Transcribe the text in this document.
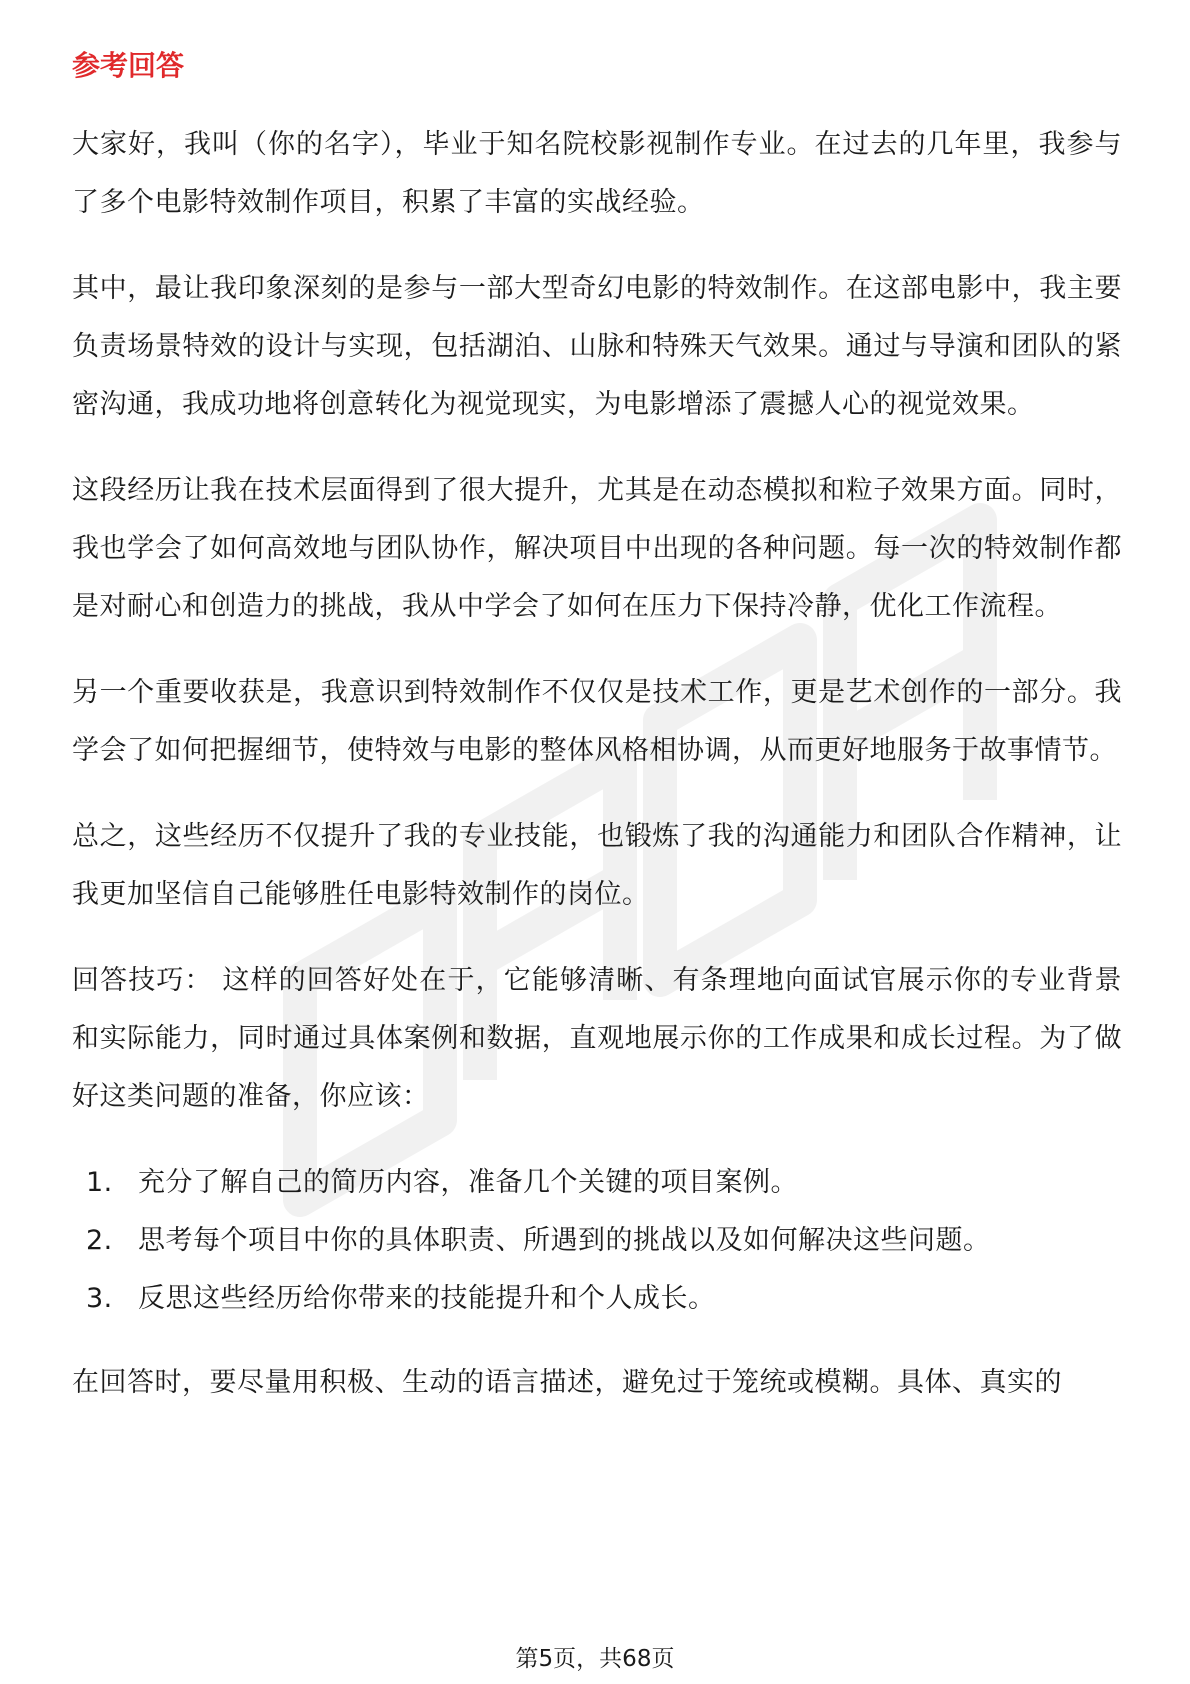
参考回答

大家好，我叫（你的名字），毕业于知名院校影视制作专业。在过去的几年里，我参与了多个电影特效制作项目，积累了丰富的实战经验。

其中，最让我印象深刻的是参与一部大型奇幻电影的特效制作。在这部电影中，我主要负责场景特效的设计与实现，包括湖泊、山脉和特殊天气效果。通过与导演和团队的紧密沟通，我成功地将创意转化为视觉现实，为电影增添了震撼人心的视觉效果。

这段经历让我在技术层面得到了很大提升，尤其是在动态模拟和粒子效果方面。同时，我也学会了如何高效地与团队协作，解决项目中出现的各种问题。每一次的特效制作都是对耐心和创造力的挑战，我从中学会了如何在压力下保持冷静，优化工作流程。

另一个重要收获是，我意识到特效制作不仅仅是技术工作，更是艺术创作的一部分。我学会了如何把握细节，使特效与电影的整体风格相协调，从而更好地服务于故事情节。

总之，这些经历不仅提升了我的专业技能，也锻炼了我的沟通能力和团队合作精神，让我更加坚信自己能够胜任电影特效制作的岗位。

回答技巧： 这样的回答好处在于，它能够清晰、有条理地向面试官展示你的专业背景和实际能力，同时通过具体案例和数据，直观地展示你的工作成果和成长过程。为了做好这类问题的准备，你应该：

1. 充分了解自己的简历内容，准备几个关键的项目案例。
2. 思考每个项目中你的具体职责、所遇到的挑战以及如何解决这些问题。
3. 反思这些经历给你带来的技能提升和个人成长。

在回答时，要尽量用积极、生动的语言描述，避免过于笼统或模糊。具体、真实的

第5页，共68页
